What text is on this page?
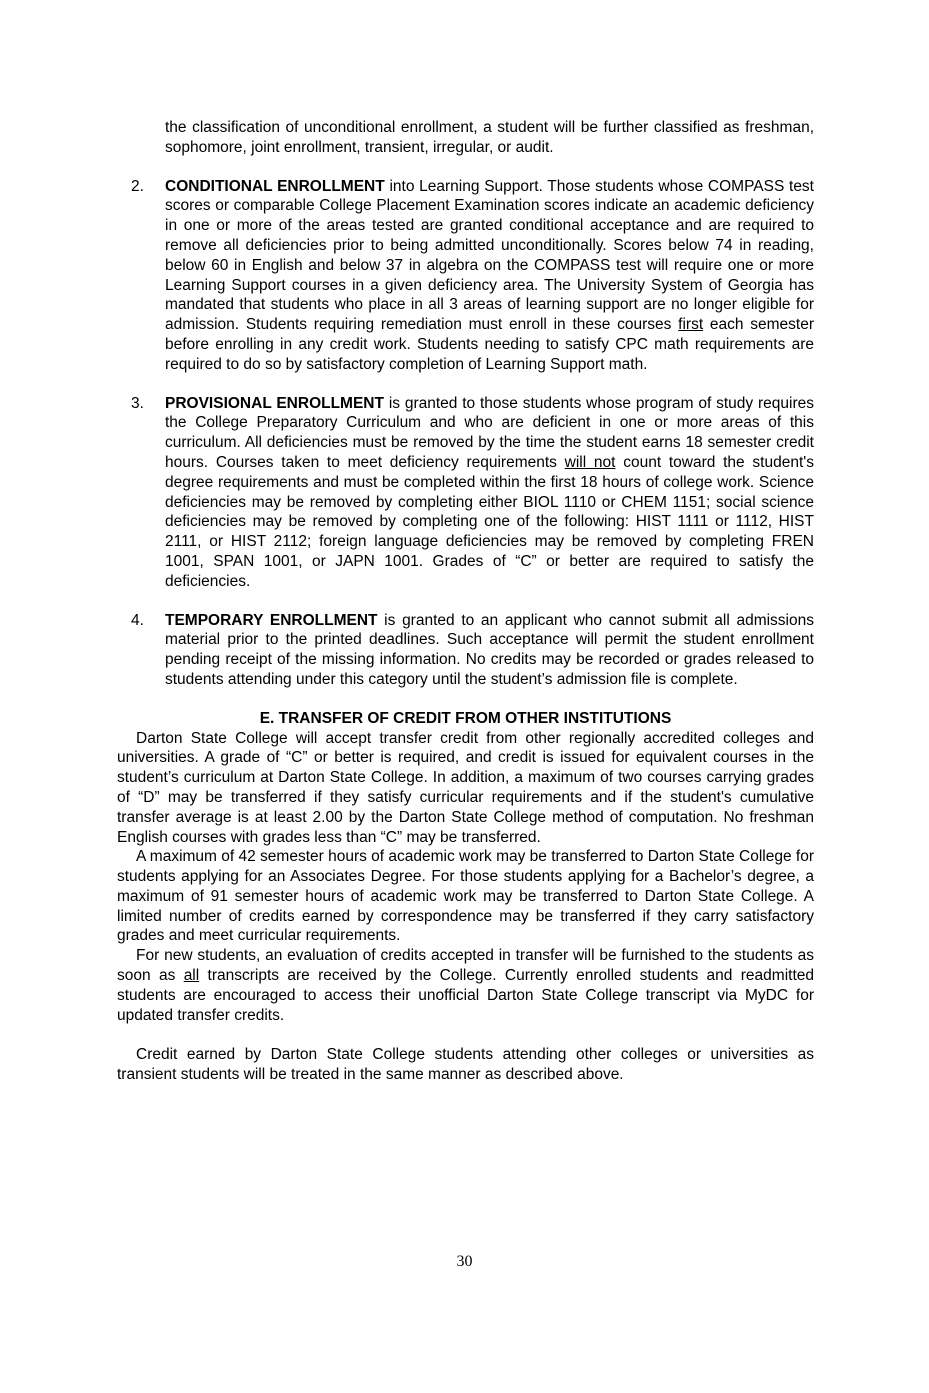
the classification of unconditional enrollment, a student will be further classified as freshman, sophomore, joint enrollment, transient, irregular, or audit.
2. CONDITIONAL ENROLLMENT into Learning Support. Those students whose COMPASS test scores or comparable College Placement Examination scores indicate an academic deficiency in one or more of the areas tested are granted conditional acceptance and are required to remove all deficiencies prior to being admitted unconditionally. Scores below 74 in reading, below 60 in English and below 37 in algebra on the COMPASS test will require one or more Learning Support courses in a given deficiency area. The University System of Georgia has mandated that students who place in all 3 areas of learning support are no longer eligible for admission. Students requiring remediation must enroll in these courses first each semester before enrolling in any credit work. Students needing to satisfy CPC math requirements are required to do so by satisfactory completion of Learning Support math.
3. PROVISIONAL ENROLLMENT is granted to those students whose program of study requires the College Preparatory Curriculum and who are deficient in one or more areas of this curriculum. All deficiencies must be removed by the time the student earns 18 semester credit hours. Courses taken to meet deficiency requirements will not count toward the student's degree requirements and must be completed within the first 18 hours of college work. Science deficiencies may be removed by completing either BIOL 1110 or CHEM 1151; social science deficiencies may be removed by completing one of the following: HIST 1111 or 1112, HIST 2111, or HIST 2112; foreign language deficiencies may be removed by completing FREN 1001, SPAN 1001, or JAPN 1001. Grades of “C” or better are required to satisfy the deficiencies.
4. TEMPORARY ENROLLMENT is granted to an applicant who cannot submit all admissions material prior to the printed deadlines. Such acceptance will permit the student enrollment pending receipt of the missing information. No credits may be recorded or grades released to students attending under this category until the student’s admission file is complete.
E. TRANSFER OF CREDIT FROM OTHER INSTITUTIONS
Darton State College will accept transfer credit from other regionally accredited colleges and universities. A grade of “C” or better is required, and credit is issued for equivalent courses in the student’s curriculum at Darton State College. In addition, a maximum of two courses carrying grades of “D” may be transferred if they satisfy curricular requirements and if the student's cumulative transfer average is at least 2.00 by the Darton State College method of computation. No freshman English courses with grades less than “C” may be transferred.
A maximum of 42 semester hours of academic work may be transferred to Darton State College for students applying for an Associates Degree. For those students applying for a Bachelor’s degree, a maximum of 91 semester hours of academic work may be transferred to Darton State College. A limited number of credits earned by correspondence may be transferred if they carry satisfactory grades and meet curricular requirements.
For new students, an evaluation of credits accepted in transfer will be furnished to the students as soon as all transcripts are received by the College. Currently enrolled students and readmitted students are encouraged to access their unofficial Darton State College transcript via MyDC for updated transfer credits.
Credit earned by Darton State College students attending other colleges or universities as transient students will be treated in the same manner as described above.
30
